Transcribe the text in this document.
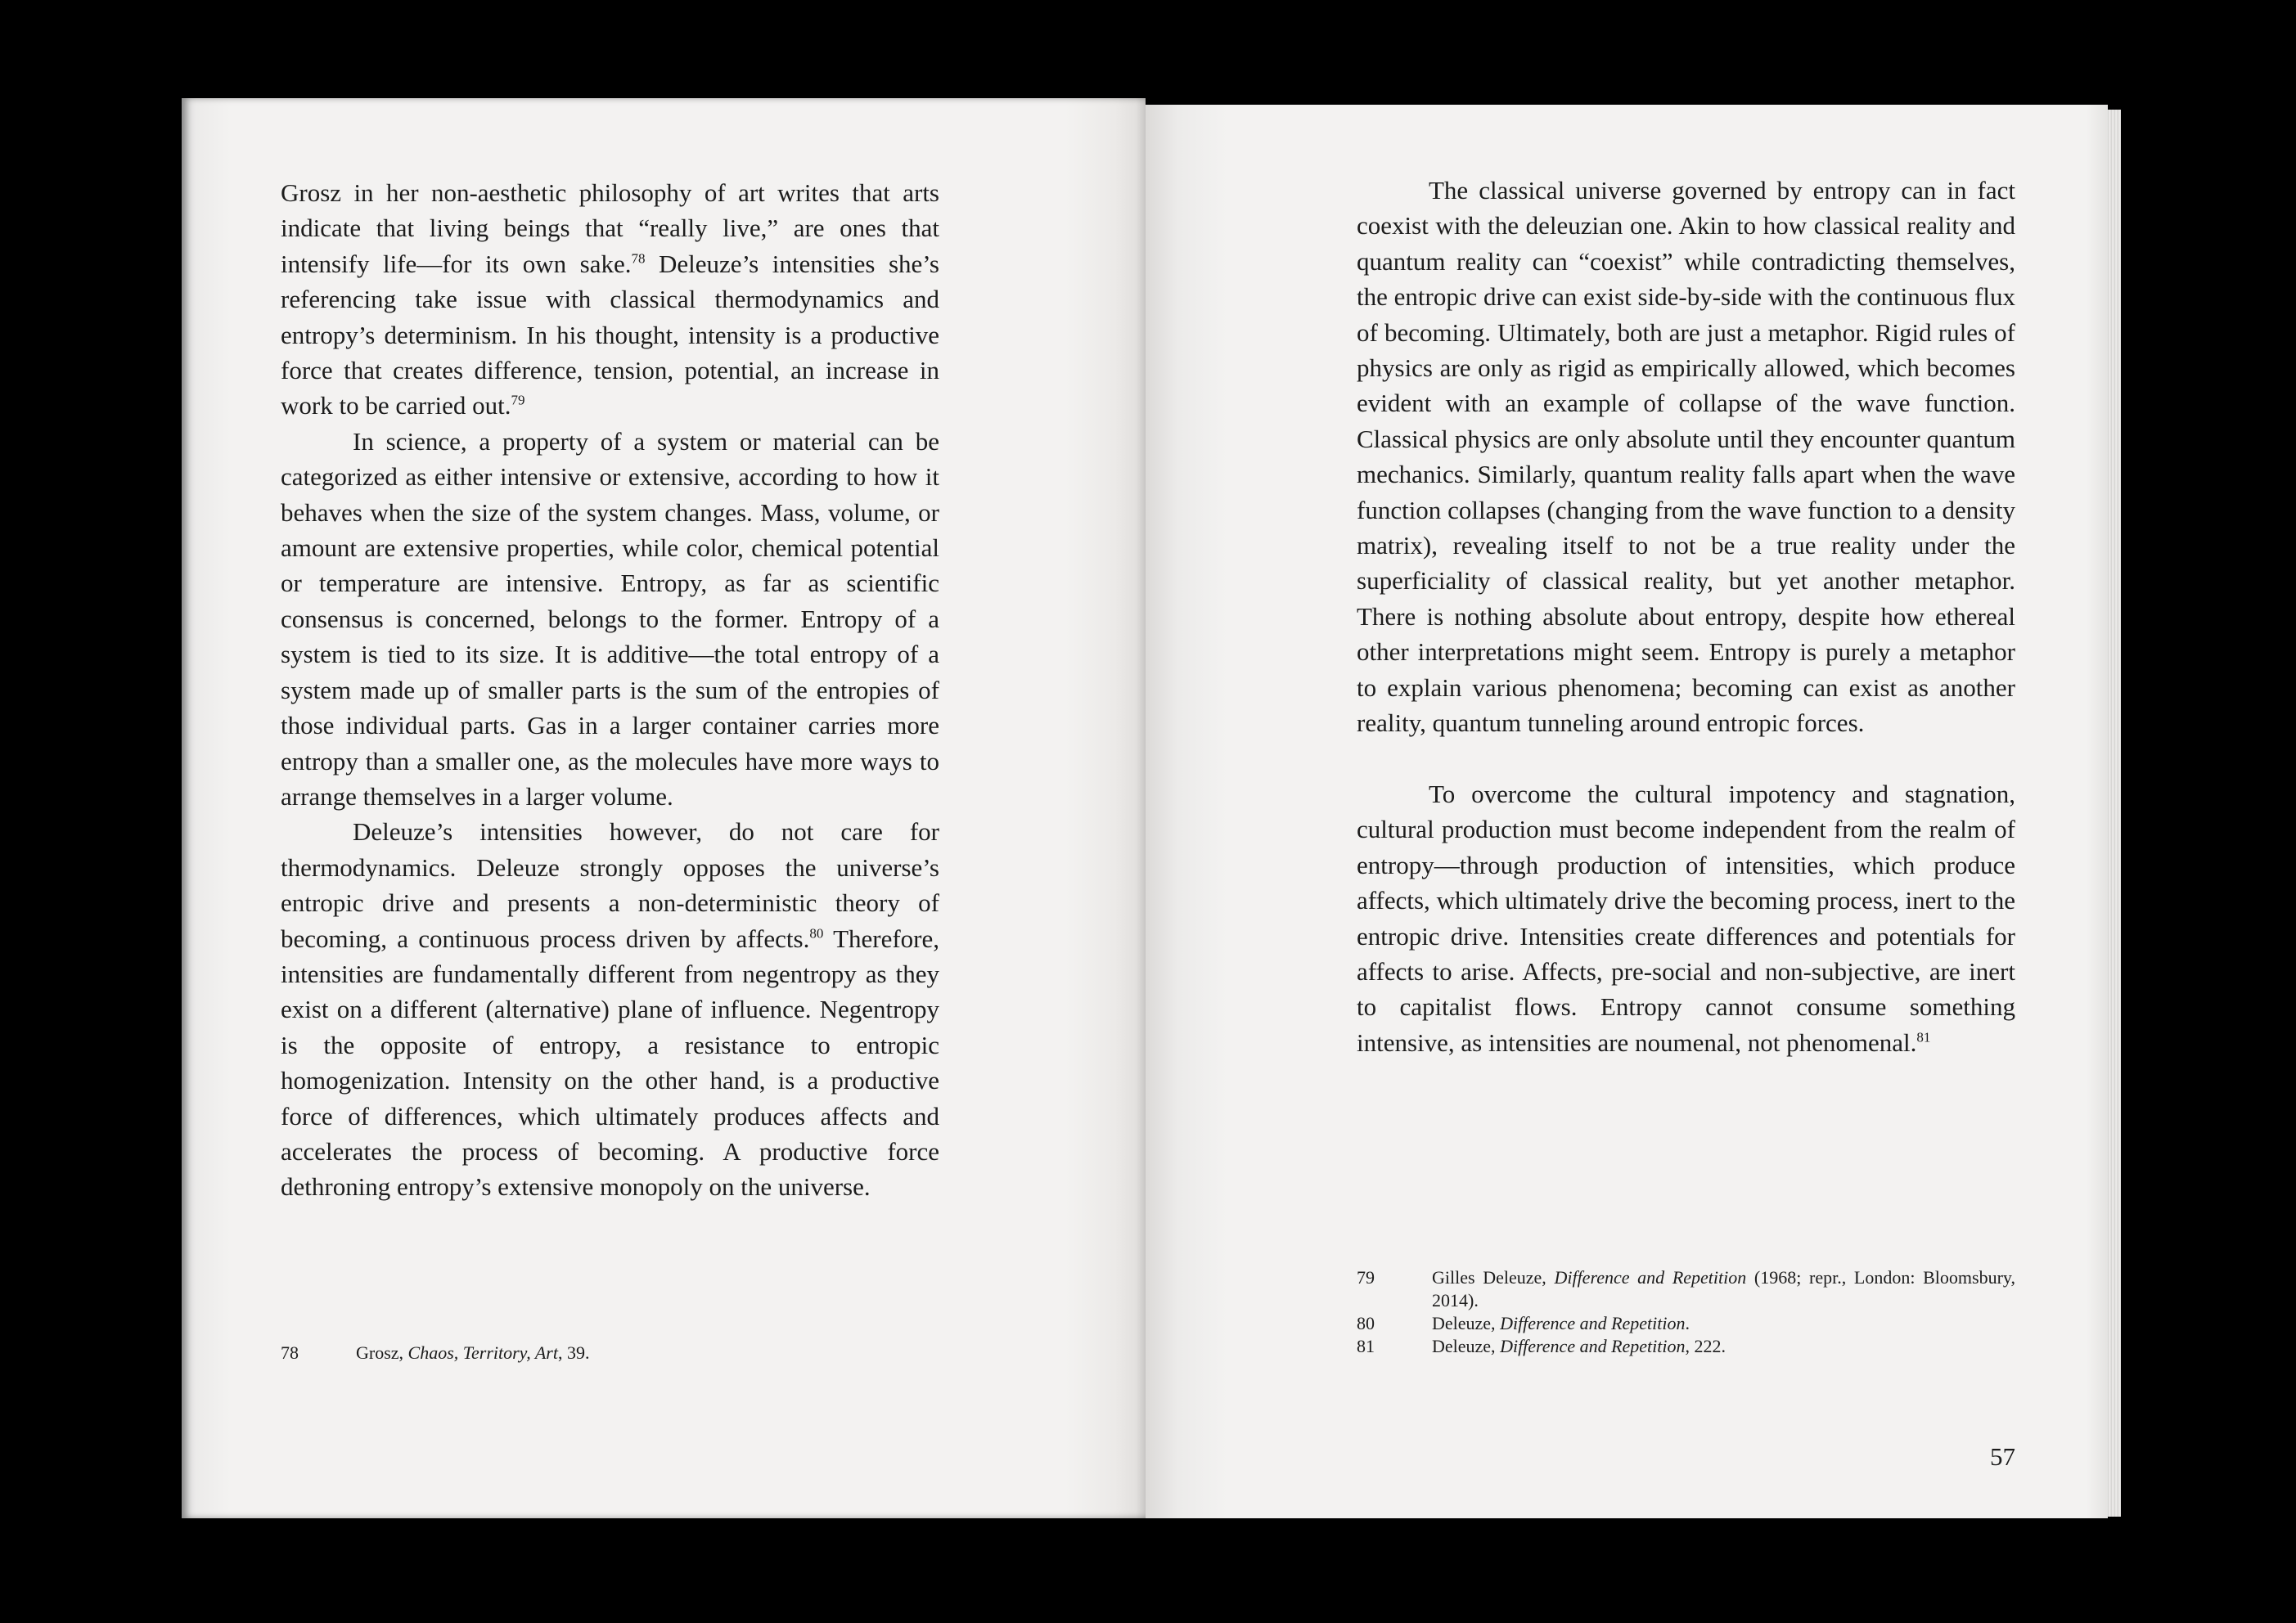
Grosz in her non-aesthetic philosophy of art writes that arts indicate that living beings that “really live,” are ones that intensify life—for its own sake.$^{78}$ Deleuze’s intensities she’s referencing take issue with classical thermodynamics and entropy’s determinism. In his thought, intensity is a productive force that creates difference, tension, potential, an increase in work to be carried out.$^{79}$

In science, a property of a system or material can be categorized as either intensive or extensive, according to how it behaves when the size of the system changes. Mass, volume, or amount are extensive properties, while color, chemical potential or temperature are intensive. Entropy, as far as scientific consensus is concerned, belongs to the former. Entropy of a system is tied to its size. It is additive—the total entropy of a system made up of smaller parts is the sum of the entropies of those individual parts. Gas in a larger container carries more entropy than a smaller one, as the molecules have more ways to arrange themselves in a larger volume.

Deleuze’s intensities however, do not care for thermodynamics. Deleuze strongly opposes the universe’s entropic drive and presents a non-deterministic theory of becoming, a continuous process driven by affects.$^{80}$ Therefore, intensities are fundamentally different from negentropy as they exist on a different (alternative) plane of influence. Negentropy is the opposite of entropy, a resistance to entropic homogenization. Intensity on the other hand, is a productive force of differences, which ultimately produces affects and accelerates the process of becoming. A productive force dethroning entropy’s extensive monopoly on the universe.

78	Grosz, Chaos, Territory, Art, 39.

The classical universe governed by entropy can in fact coexist with the deleuzian one. Akin to how classical reality and quantum reality can “coexist” while contradicting themselves, the entropic drive can exist side-by-side with the continuous flux of becoming. Ultimately, both are just a metaphor. Rigid rules of physics are only as rigid as empirically allowed, which becomes evident with an example of collapse of the wave function. Classical physics are only absolute until they encounter quantum mechanics. Similarly, quantum reality falls apart when the wave function collapses (changing from the wave function to a density matrix), revealing itself to not be a true reality under the superficiality of classical reality, but yet another metaphor. There is nothing absolute about entropy, despite how ethereal other interpretations might seem. Entropy is purely a metaphor to explain various phenomena; becoming can exist as another reality, quantum tunneling around entropic forces.

To overcome the cultural impotency and stagnation, cultural production must become independent from the realm of entropy—through production of intensities, which produce affects, which ultimately drive the becoming process, inert to the entropic drive. Intensities create differences and potentials for affects to arise. Affects, pre-social and non-subjective, are inert to capitalist flows. Entropy cannot consume something intensive, as intensities are noumenal, not phenomenal.$^{81}$

79	Gilles Deleuze, Difference and Repetition (1968; repr., London: Bloomsbury, 2014).
80	Deleuze, Difference and Repetition.
81	Deleuze, Difference and Repetition, 222.
57
